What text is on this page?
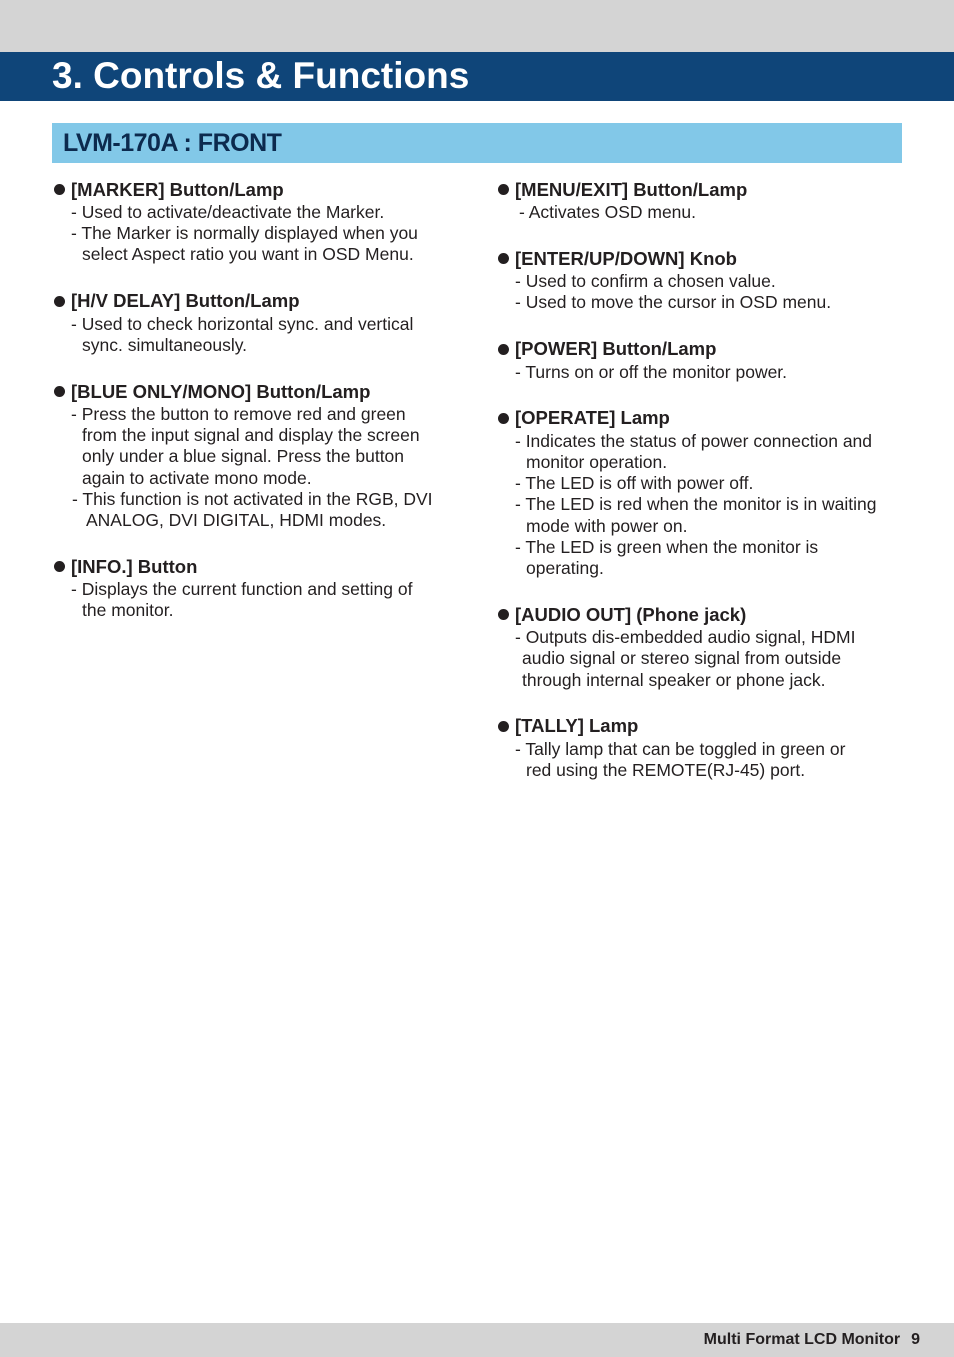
3. Controls & Functions
LVM-170A : FRONT
[MARKER] Button/Lamp
- Used to activate/deactivate the Marker.
- The Marker is normally displayed when you
select Aspect ratio you want in OSD Menu.
[H/V DELAY] Button/Lamp
- Used to check horizontal sync. and vertical
sync. simultaneously.
[BLUE ONLY/MONO] Button/Lamp
- Press the button to remove red and green
from the input signal and display the screen
only under a blue signal. Press the button
again to activate mono mode.
- This function is not activated in the RGB, DVI
ANALOG, DVI DIGITAL, HDMI modes.
[INFO.] Button
- Displays the current function and setting of
the monitor.
[MENU/EXIT] Button/Lamp
- Activates OSD menu.
[ENTER/UP/DOWN] Knob
- Used to confirm a chosen value.
- Used to move the cursor in OSD menu.
[POWER] Button/Lamp
- Turns on or off the monitor power.
[OPERATE] Lamp
- Indicates the status of power connection and
monitor operation.
- The LED is off with power off.
- The LED is red when the monitor is in waiting
mode with power on.
- The LED is green when the monitor is
operating.
[AUDIO OUT] (Phone jack)
- Outputs dis-embedded audio signal, HDMI
audio signal or stereo signal from outside
through internal speaker or phone jack.
[TALLY] Lamp
- Tally lamp that can be toggled in green or
red using the REMOTE(RJ-45) port.
Multi Format LCD Monitor 9
